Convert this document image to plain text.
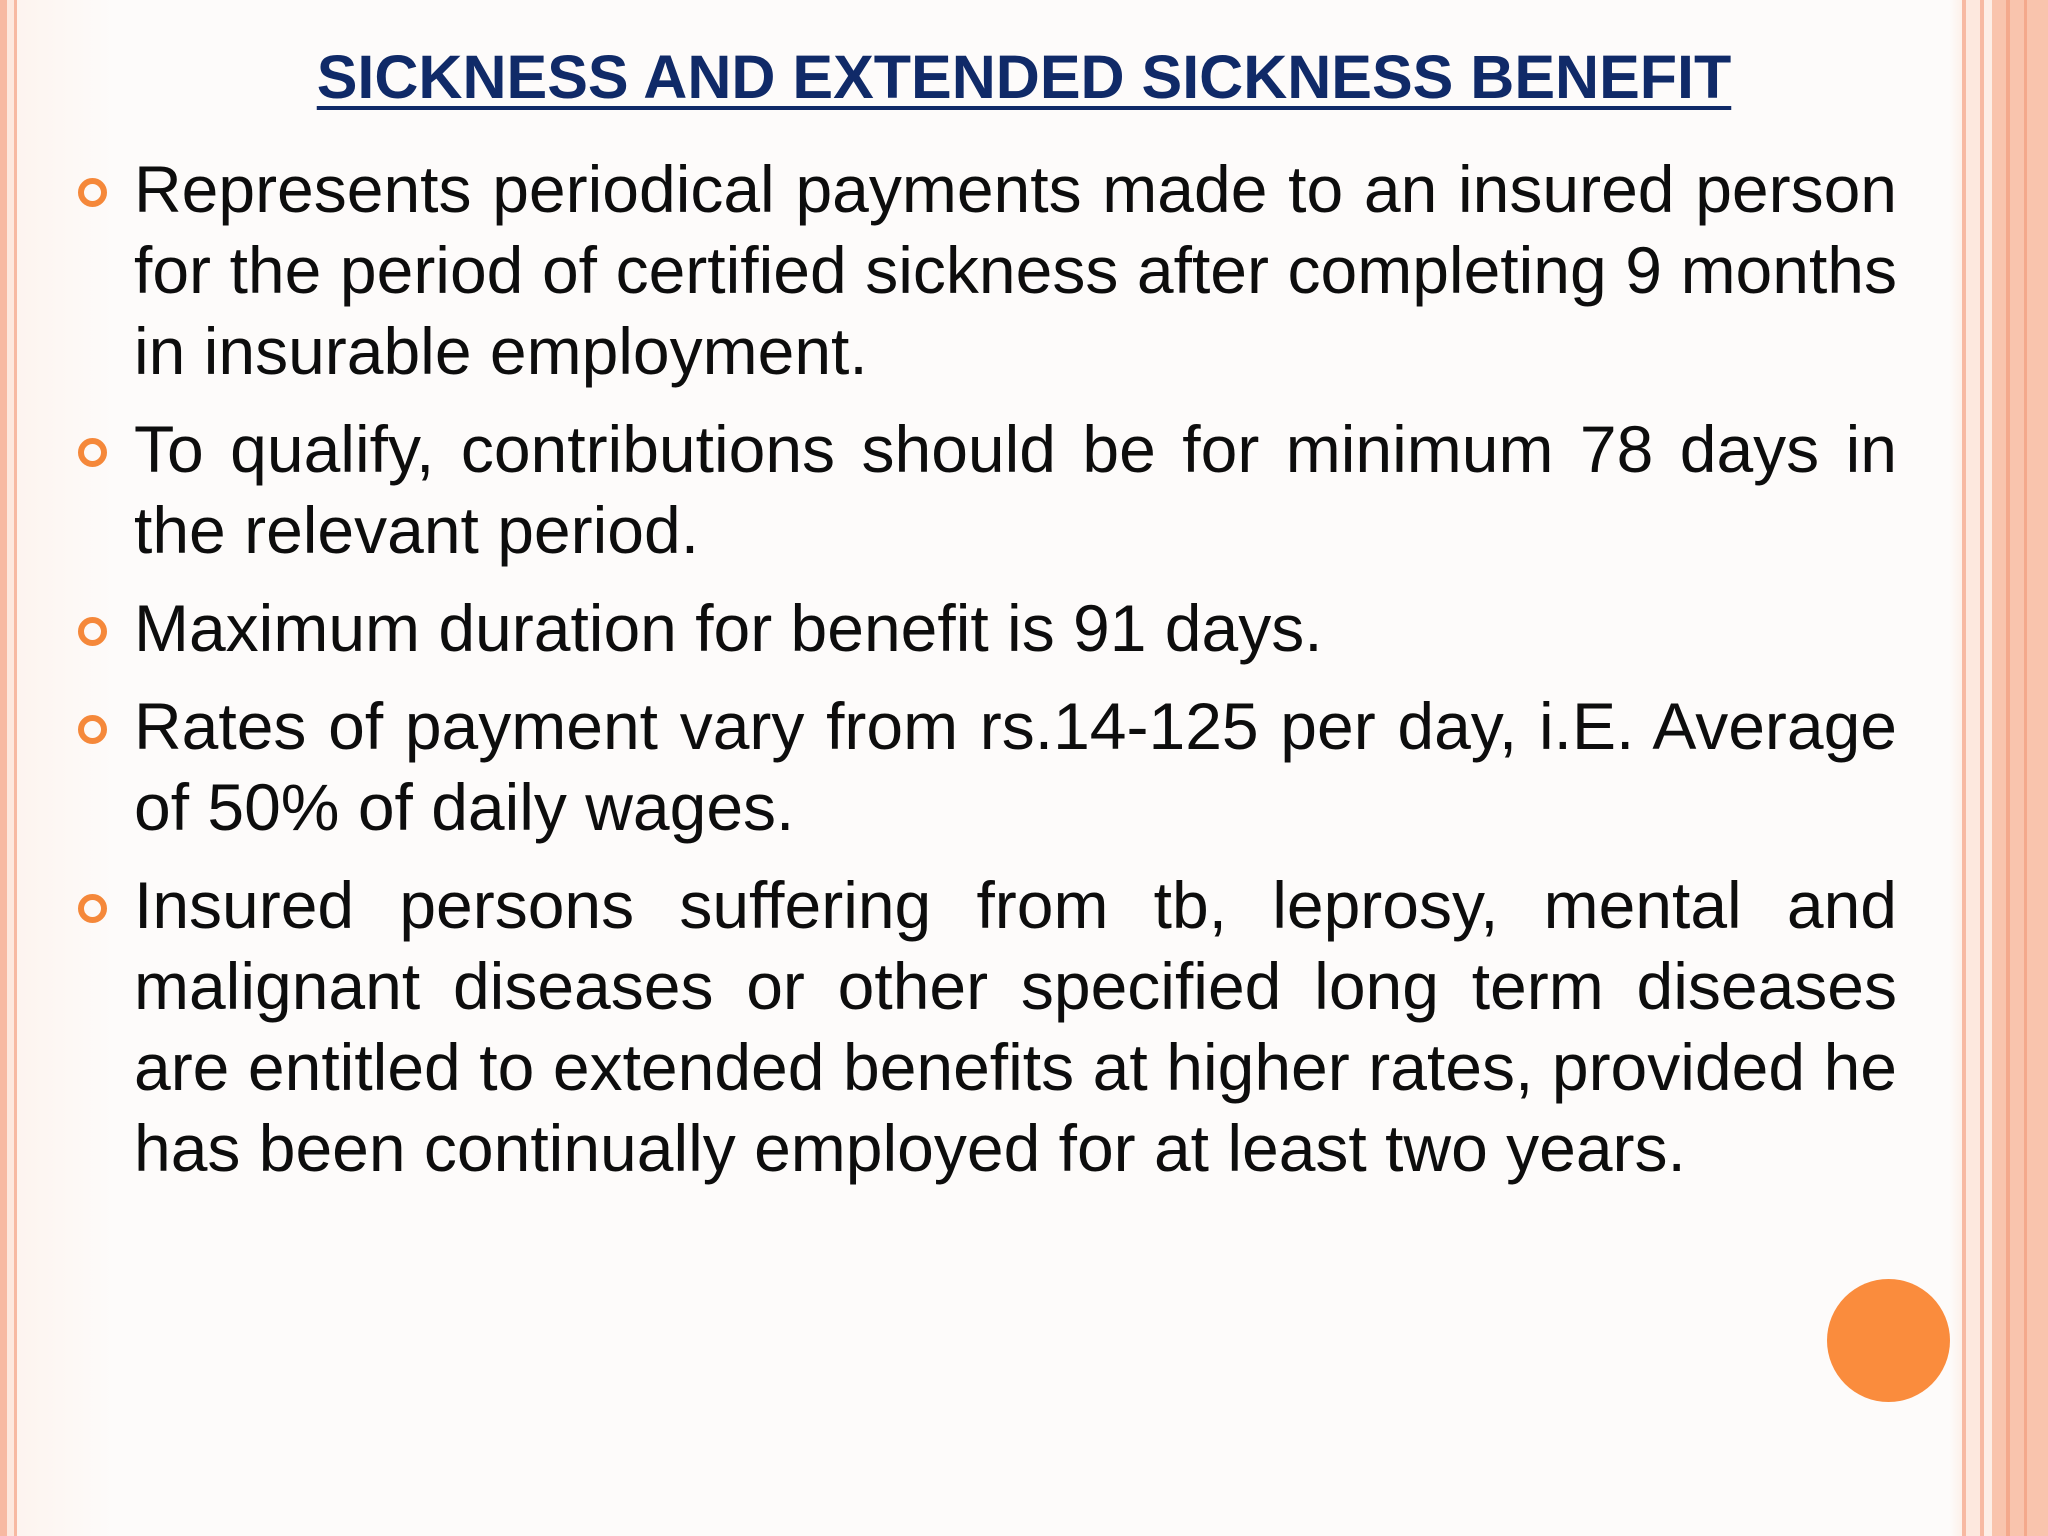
SICKNESS AND EXTENDED SICKNESS BENEFIT
Represents periodical payments made to an insured person for the period of certified sickness after completing 9 months in insurable employment.
To qualify, contributions should be for minimum 78 days in the relevant period.
Maximum duration for benefit is 91 days.
Rates of payment vary from rs.14-125 per day, i.E. Average of 50% of daily wages.
Insured persons suffering from tb, leprosy, mental and malignant diseases or other specified long term diseases are entitled to extended benefits at higher rates, provided he has been continually employed for at least two years.
